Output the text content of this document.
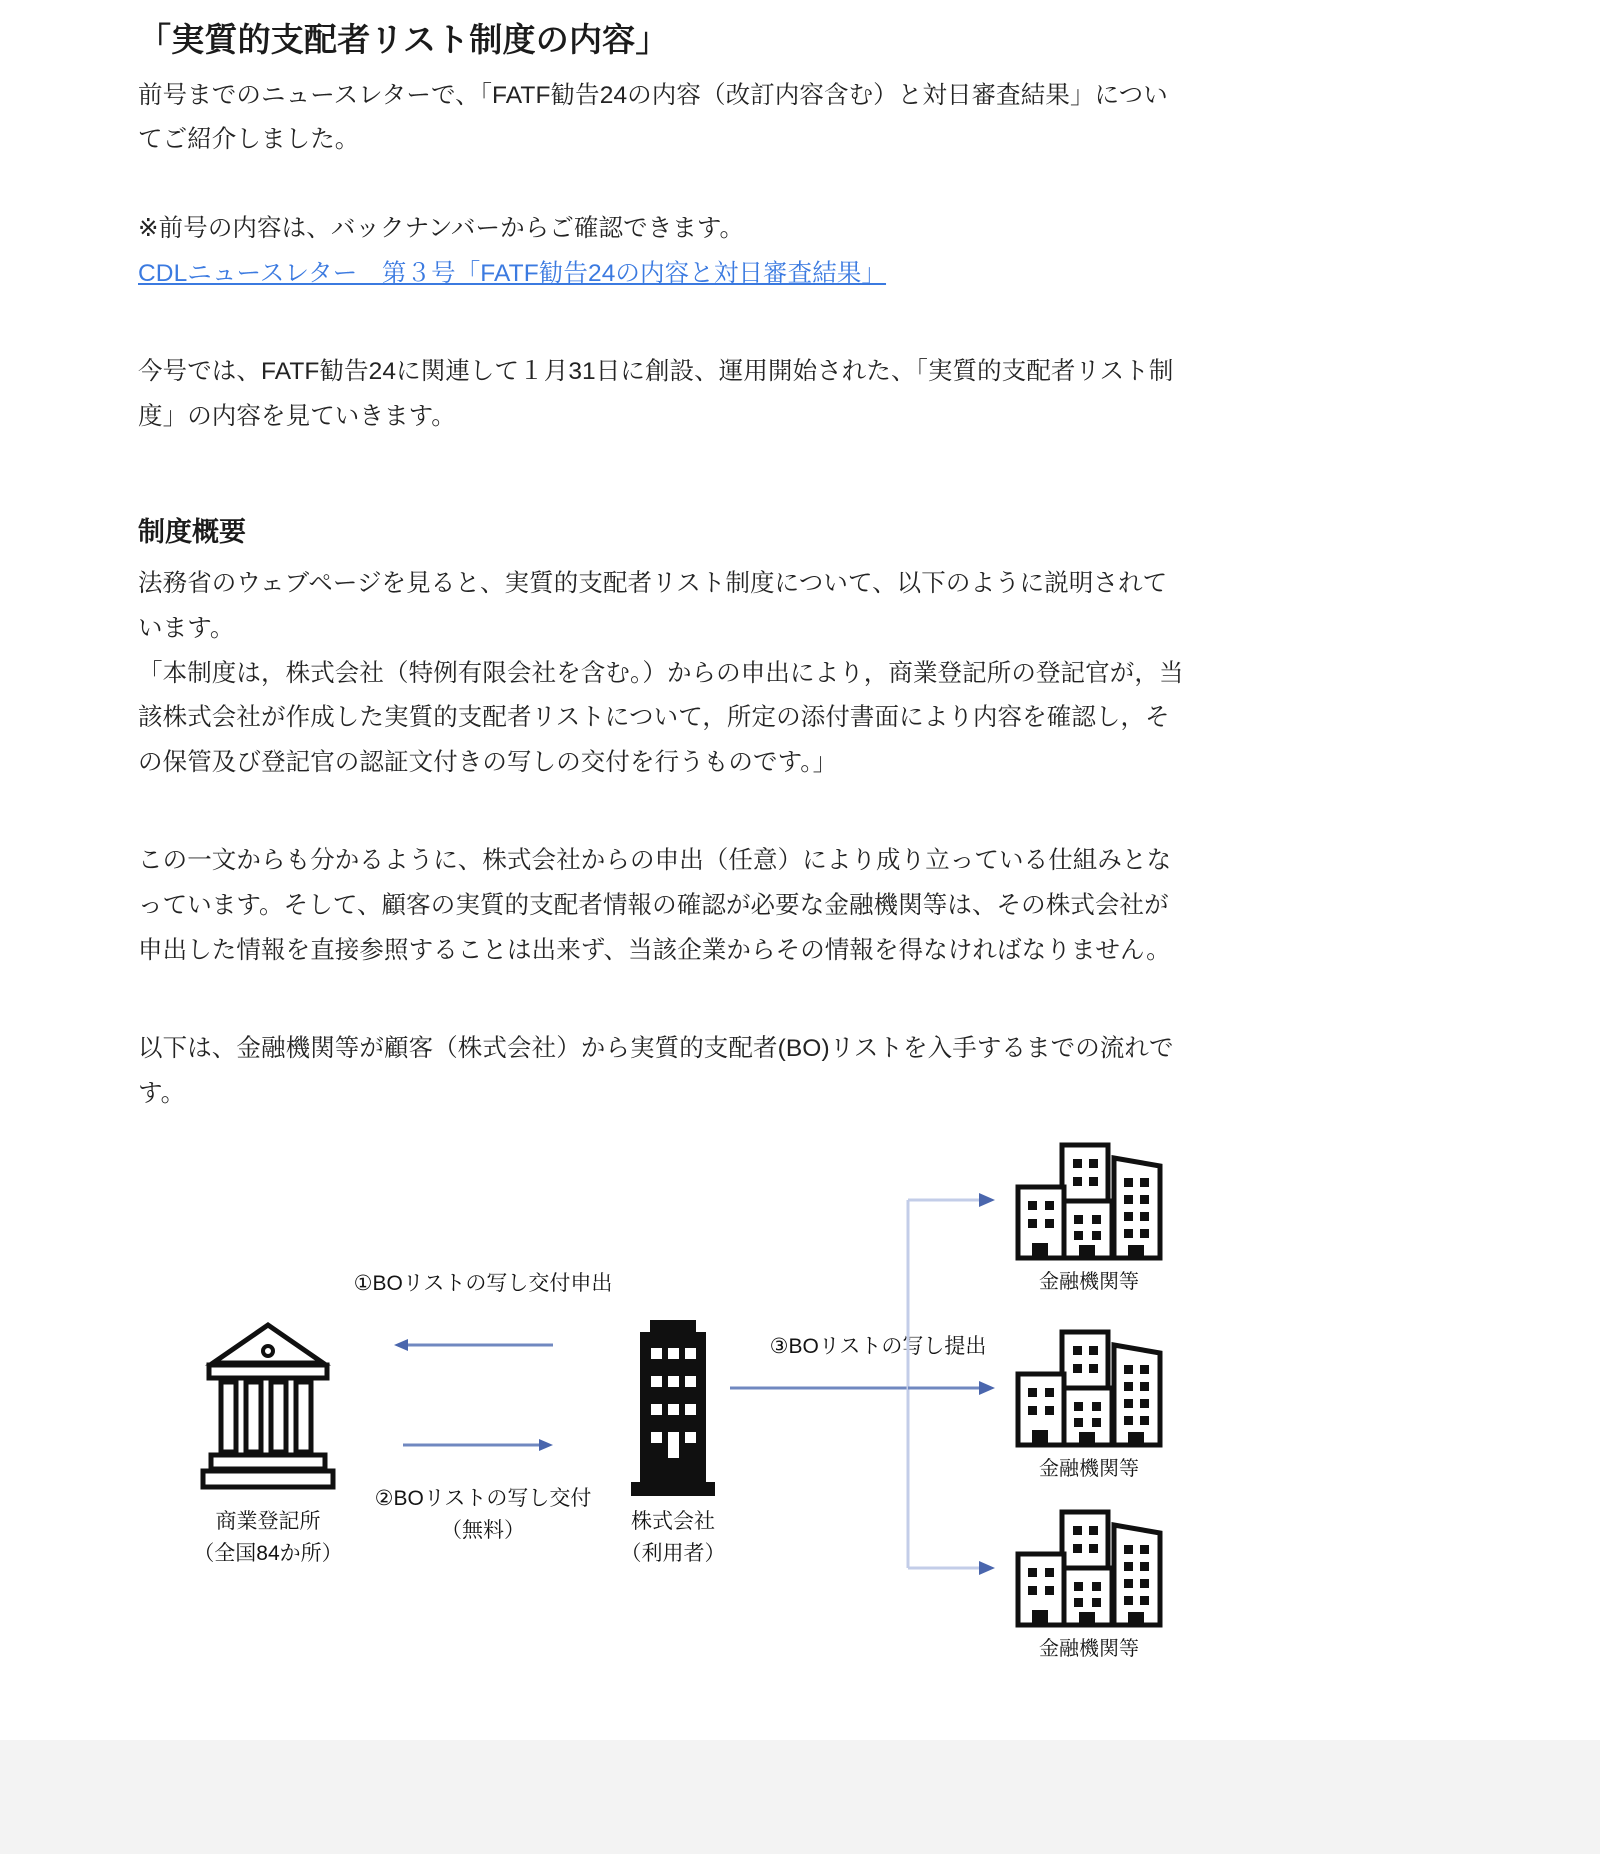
「実質的支配者リスト制度の内容」

前号までのニュースレターで、「FATF勧告24の内容（改訂内容含む）と対日審査結果」についてご紹介しました。

※前号の内容は、バックナンバーからご確認できます。

CDLニュースレター　第３号「FATF勧告24の内容と対日審査結果」

今号では、FATF勧告24に関連して１月31日に創設、運用開始された、「実質的支配者リスト制度」の内容を見ていきます。

制度概要

法務省のウェブページを見ると、実質的支配者リスト制度について、以下のように説明されています。

「本制度は，株式会社（特例有限会社を含む。）からの申出により，商業登記所の登記官が，当該株式会社が作成した実質的支配者リストについて，所定の添付書面により内容を確認し，その保管及び登記官の認証文付きの写しの交付を行うものです。」

この一文からも分かるように、株式会社からの申出（任意）により成り立っている仕組みとなっています。そして、顧客の実質的支配者情報の確認が必要な金融機関等は、その株式会社が申出した情報を直接参照することは出来ず、当該企業からその情報を得なければなりません。

以下は、金融機関等が顧客（株式会社）から実質的支配者(BO)リストを入手するまでの流れです。

商業登記所
（全国84か所）
①BOリストの写し交付申出
②BOリストの写し交付
（無料）	株式会社
（利用者）
③BOリストの写し提出
金融機関等
金融機関等
金融機関等
